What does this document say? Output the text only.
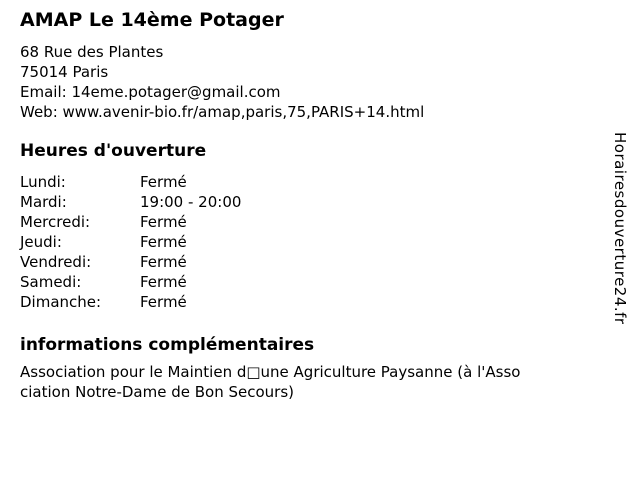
AMAP Le 14ème Potager
68 Rue des Plantes
75014 Paris
Email: 14eme.potager@gmail.com
Web: www.avenir-bio.fr/amap,paris,75,PARIS+14.html
Heures d'ouverture
Lundi:	Fermé
Mardi:	19:00 - 20:00
Mercredi:	Fermé
Jeudi:	Fermé
Vendredi:	Fermé
Samedi:	Fermé
Dimanche:	Fermé
informations complémentaires
Association pour le Maintien d□une Agriculture Paysanne (à l'Asso
ciation Notre-Dame de Bon Secours)
Horairesdouverture24.fr
